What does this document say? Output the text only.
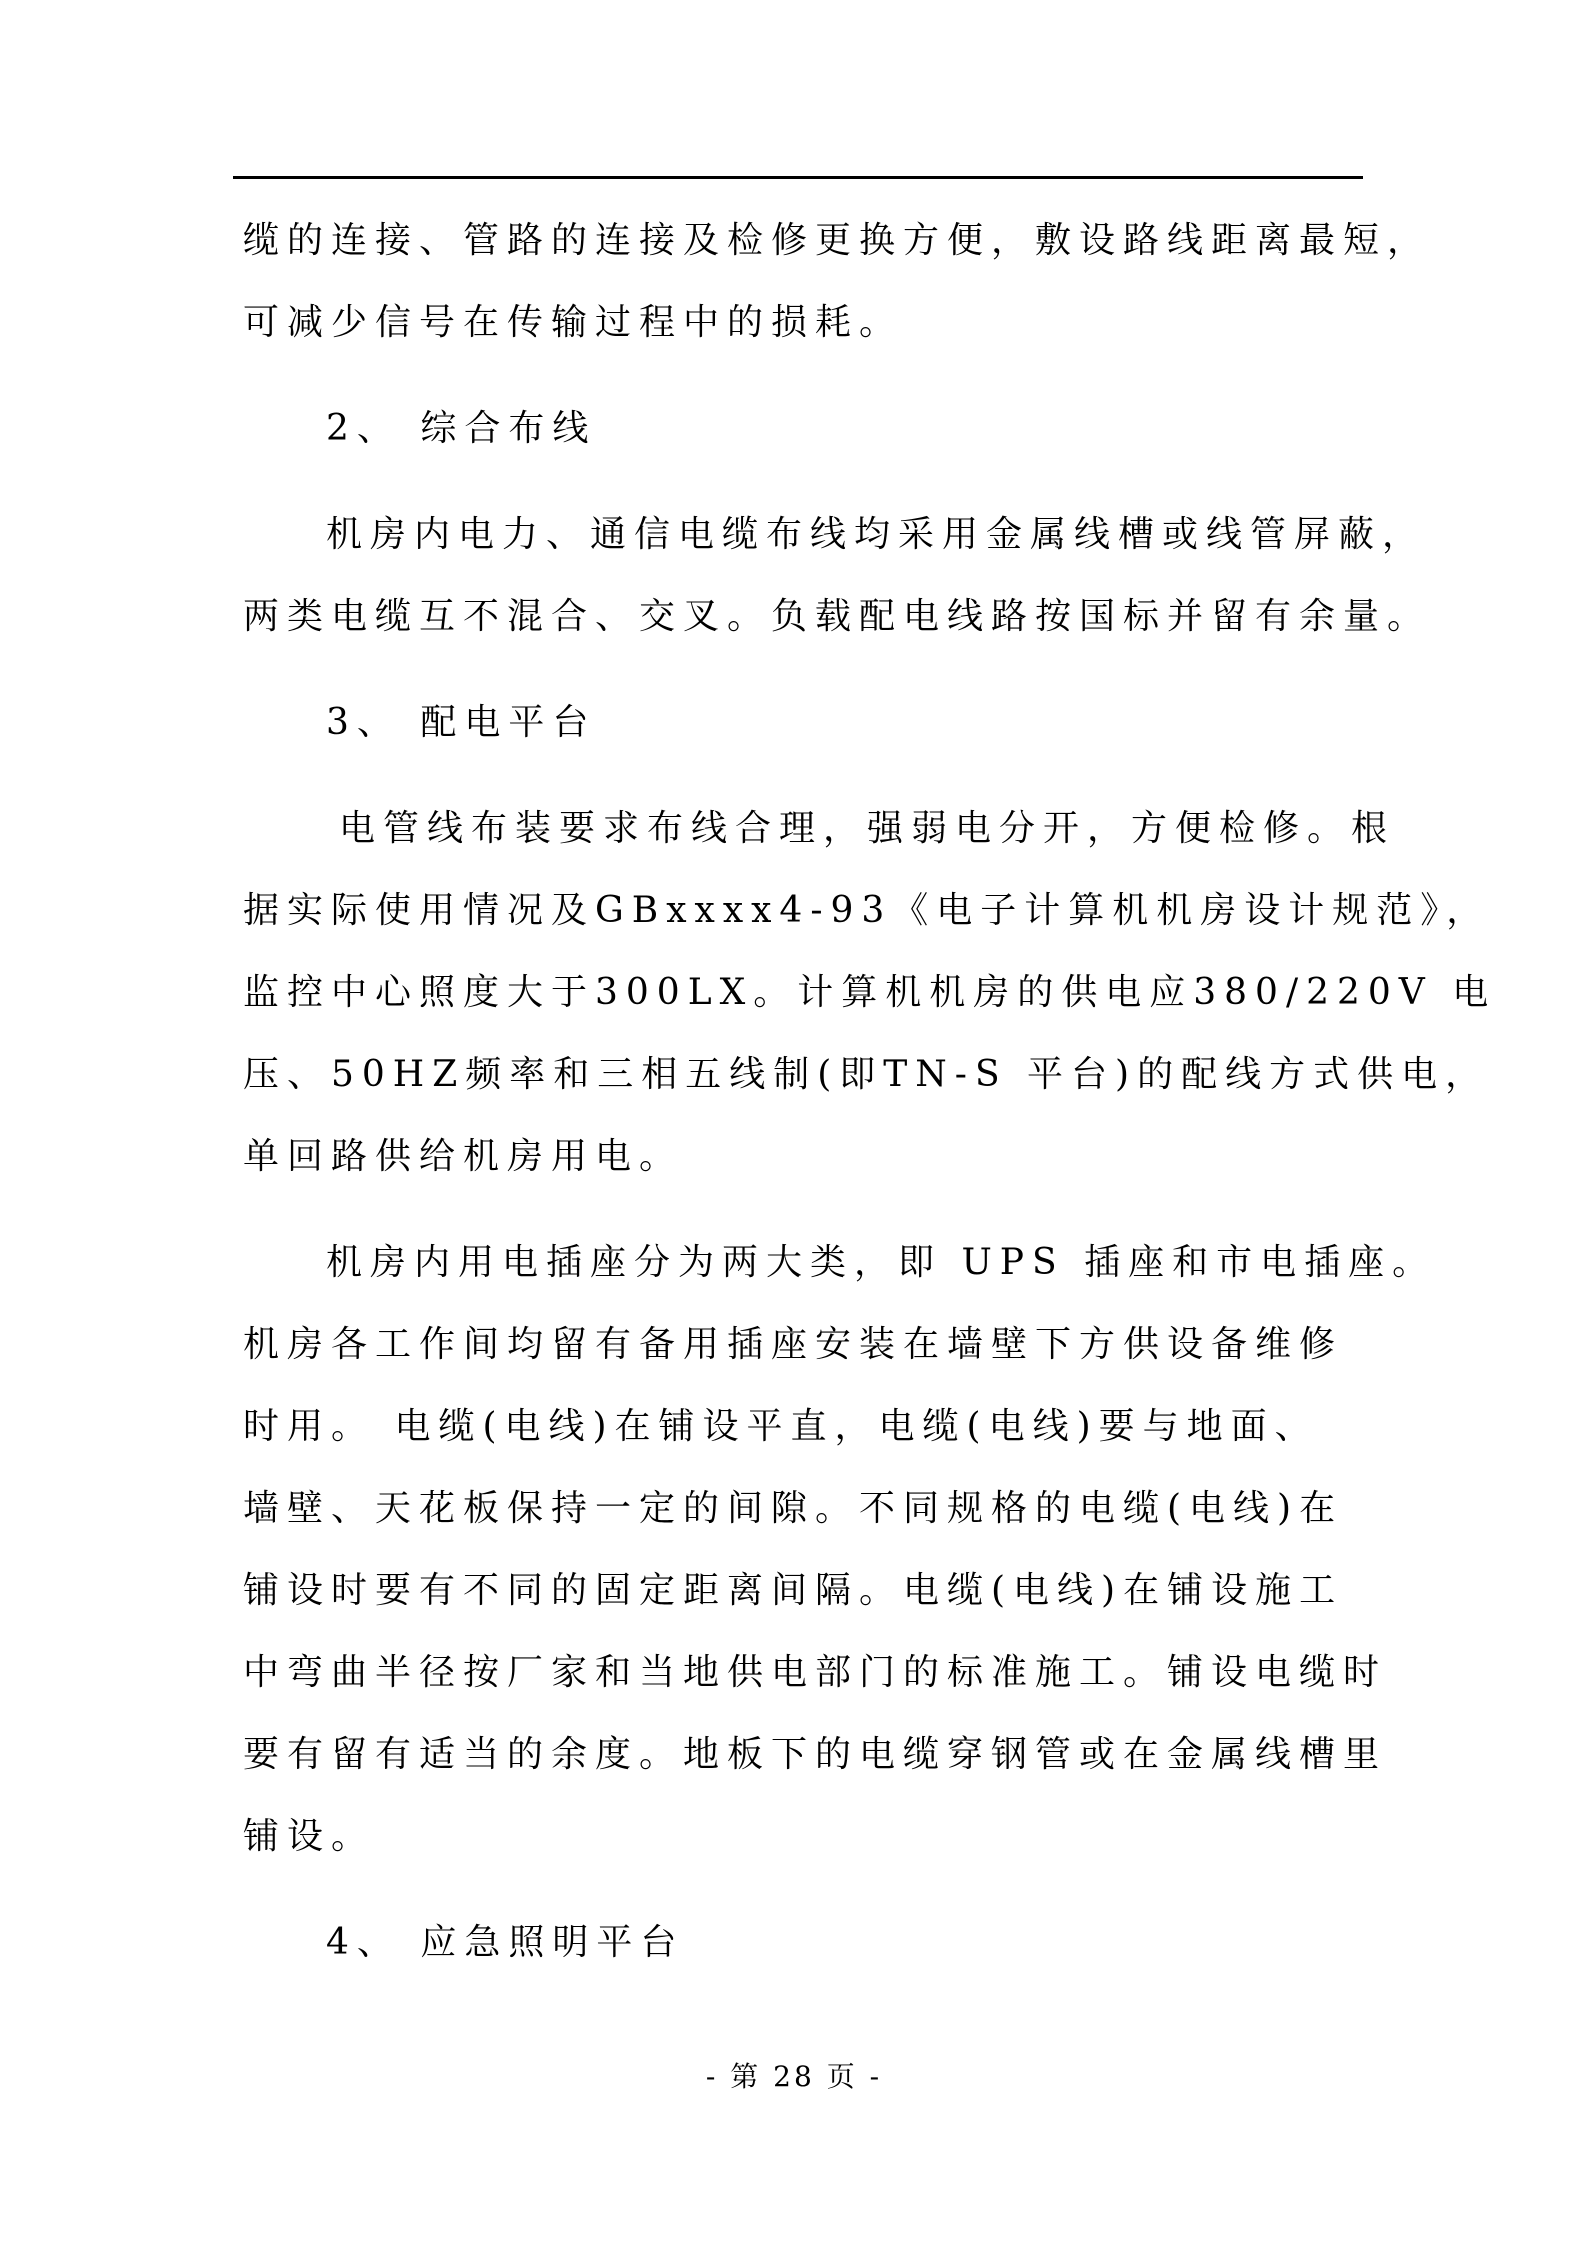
缆的连接、管路的连接及检修更换方便，敷设路线距离最短，

可减少信号在传输过程中的损耗。

2、 综合布线

机房内电力、通信电缆布线均采用金属线槽或线管屏蔽，

两类电缆互不混合、交叉。负载配电线路按国标并留有余量。

3、 配电平台

电管线布装要求布线合理，强弱电分开，方便检修。根

据实际使用情况及GBxxxx4-93《电子计算机机房设计规范》，

监控中心照度大于300LX。计算机机房的供电应380/220V 电

压、50HZ频率和三相五线制(即TN-S 平台)的配线方式供电，

单回路供给机房用电。

机房内用电插座分为两大类，即 UPS 插座和市电插座。

机房各工作间均留有备用插座安装在墙壁下方供设备维修

时用。 电缆(电线)在铺设平直，电缆(电线)要与地面、

墙壁、天花板保持一定的间隙。不同规格的电缆(电线)在

铺设时要有不同的固定距离间隔。电缆(电线)在铺设施工

中弯曲半径按厂家和当地供电部门的标准施工。铺设电缆时

要有留有适当的余度。地板下的电缆穿钢管或在金属线槽里

铺设。

4、 应急照明平台

- 第 28 页 -
